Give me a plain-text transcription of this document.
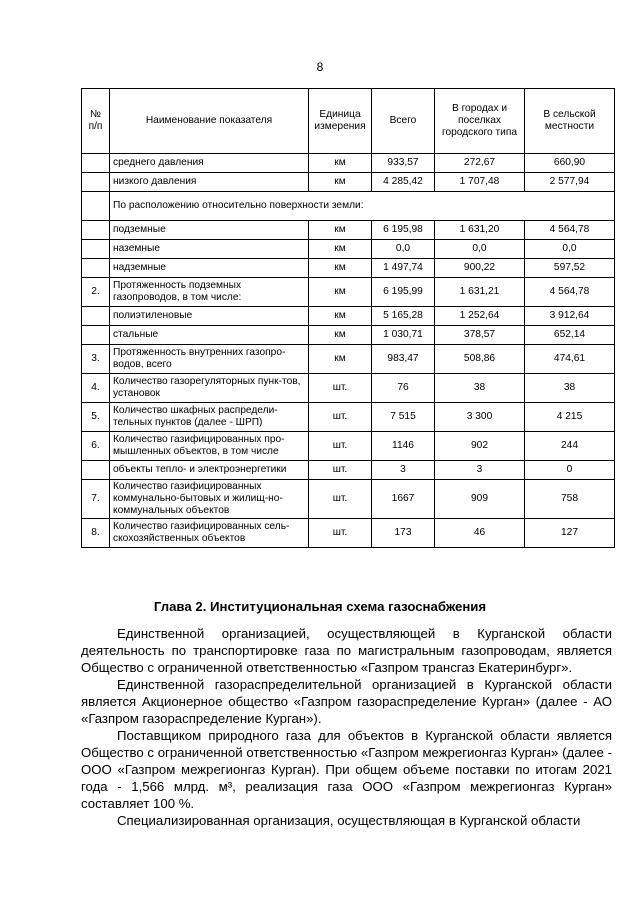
8
№ п/п	Наименование показателя	Единица измерения	Всего	В городах и поселках городского типа	В сельской местности
	среднего давления	км	933,57	272,67	660,90
	низкого давления	км	4 285,42	1 707,48	2 577,94
	По расположению относительно поверхности земли:				
	подземные	км	6 195,98	1 631,20	4 564,78
	наземные	км	0,0	0,0	0,0
	надземные	км	1 497,74	900,22	597,52
2.	Протяженность подземных газопроводов, в том числе:	км	6 195,99	1 631,21	4 564,78
	полиэтиленовые	км	5 165,28	1 252,64	3 912,64
	стальные	км	1 030,71	378,57	652,14
3.	Протяженность внутренних газопро-водов, всего	км	983,47	508,86	474,61
4.	Количество газорегуляторных пунк-тов, установок	шт.	76	38	38
5.	Количество шкафных распредели-тельных пунктов (далее - ШРП)	шт.	7 515	3 300	4 215
6.	Количество газифицированных про-мышленных объектов, в том числе	шт.	1146	902	244
	объекты тепло- и электроэнергетики	шт.	3	3	0
7.	Количество газифицированных коммунально-бытовых и жилищ-но-коммунальных объектов	шт.	1667	909	758
8.	Количество газифицированных сель-скохозяйственных объектов	шт.	173	46	127
Глава 2. Институциональная схема газоснабжения

Единственной организацией, осуществляющей в Курганской области деятельность по транспортировке газа по магистральным газопроводам, является Общество с ограниченной ответственностью «Газпром трансгаз Екатеринбург».

Единственной газораспределительной организацией в Курганской области является Акционерное общество «Газпром газораспределение Курган» (далее - АО «Газпром газораспределение Курган»).

Поставщиком природного газа для объектов в Курганской области является Общество с ограниченной ответственностью «Газпром межрегионгаз Курган» (далее - ООО «Газпром межрегионгаз Курган). При общем объеме поставки по итогам 2021 года - 1,566 млрд. м³, реализация газа ООО «Газпром межрегионгаз Курган» составляет 100 %.

Специализированная организация, осуществляющая в Курганской области
